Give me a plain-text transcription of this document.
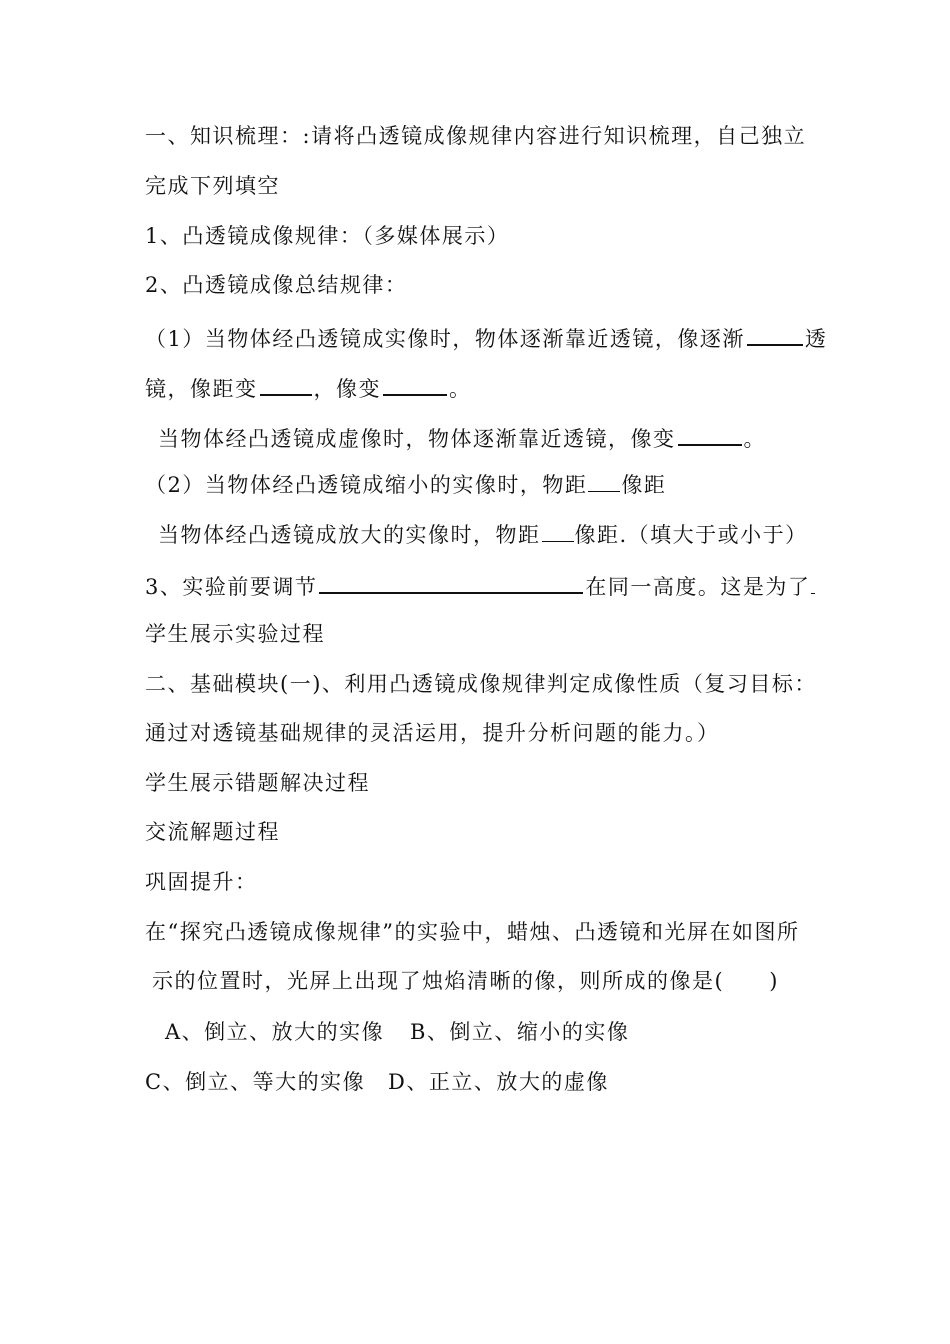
一、知识梳理：:请将凸透镜成像规律内容进行知识梳理，自己独立
完成下列填空
1、凸透镜成像规律：（多媒体展示）
2、凸透镜成像总结规律：
（1）当物体经凸透镜成实像时，物体逐渐靠近透镜，像逐渐	透
镜，像距变	，像变	。
当物体经凸透镜成虚像时，物体逐渐靠近透镜，像变	。
（2）当物体经凸透镜成缩小的实像时，物距 像距
当物体经凸透镜成放大的实像时，物距 像距.（填大于或小于）
3、实验前要调节	在同一高度。这是为了
学生展示实验过程
二、基础模块(一)、利用凸透镜成像规律判定成像性质（复习目标：
通过对透镜基础规律的灵活运用，提升分析问题的能力。）
学生展示错题解决过程
交流解题过程
巩固提升：
在“探究凸透镜成像规律”的实验中，蜡烛、凸透镜和光屏在如图所
示的位置时，光屏上出现了烛焰清晰的像，则所成的像是(　　)
A、倒立、放大的实像 B、倒立、缩小的实像
C、倒立、等大的实像 D、正立、放大的虚像
